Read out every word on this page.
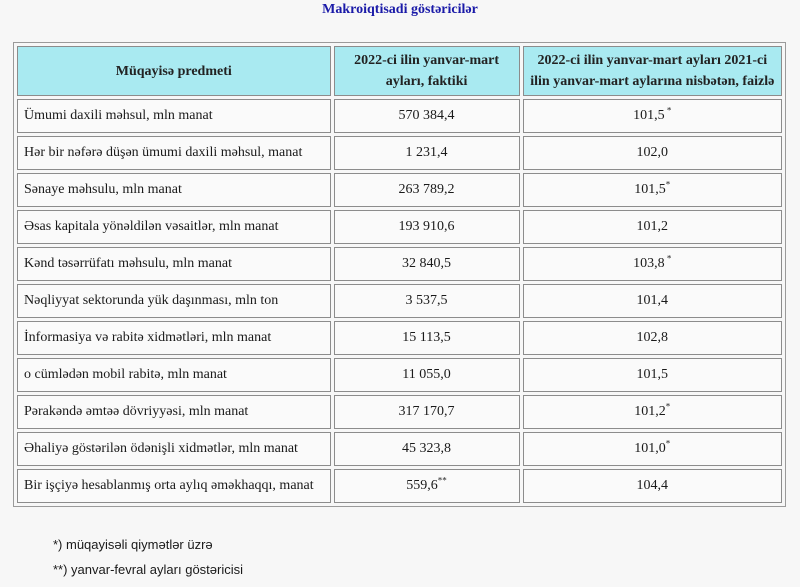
Makroiqtisadi göstəricilər
Müqayisə predmeti	2022-ci ilin yanvar-mart ayları, faktiki	2022-ci ilin yanvar-mart ayları 2021-ci ilin yanvar-mart aylarına nisbətən, faizlə
Ümumi daxili məhsul, mln manat	570 384,4	101,5 *
Hər bir nəfərə düşən ümumi daxili məhsul, manat	1 231,4	102,0
Sənaye məhsulu, mln manat	263 789,2	101,5*
Əsas kapitala yönəldilən vəsaitlər, mln manat	193 910,6	101,2
Kənd təsərrüfatı məhsulu, mln manat	32 840,5	103,8 *
Nəqliyyat sektorunda yük daşınması, mln ton	3 537,5	101,4
İnformasiya və rabitə xidmətləri, mln manat	15 113,5	102,8
o cümlədən mobil rabitə, mln manat	11 055,0	101,5
Pərakəndə əmtəə dövriyyəsi, mln manat	317 170,7	101,2*
Əhaliyə göstərilən ödənişli xidmətlər, mln manat	45 323,8	101,0*
Bir işçiyə hesablanmış orta aylıq əməkhaqqı, manat	559,6**	104,4
*) müqayisəli qiymətlər üzrə
**) yanvar-fevral ayları göstəricisi
